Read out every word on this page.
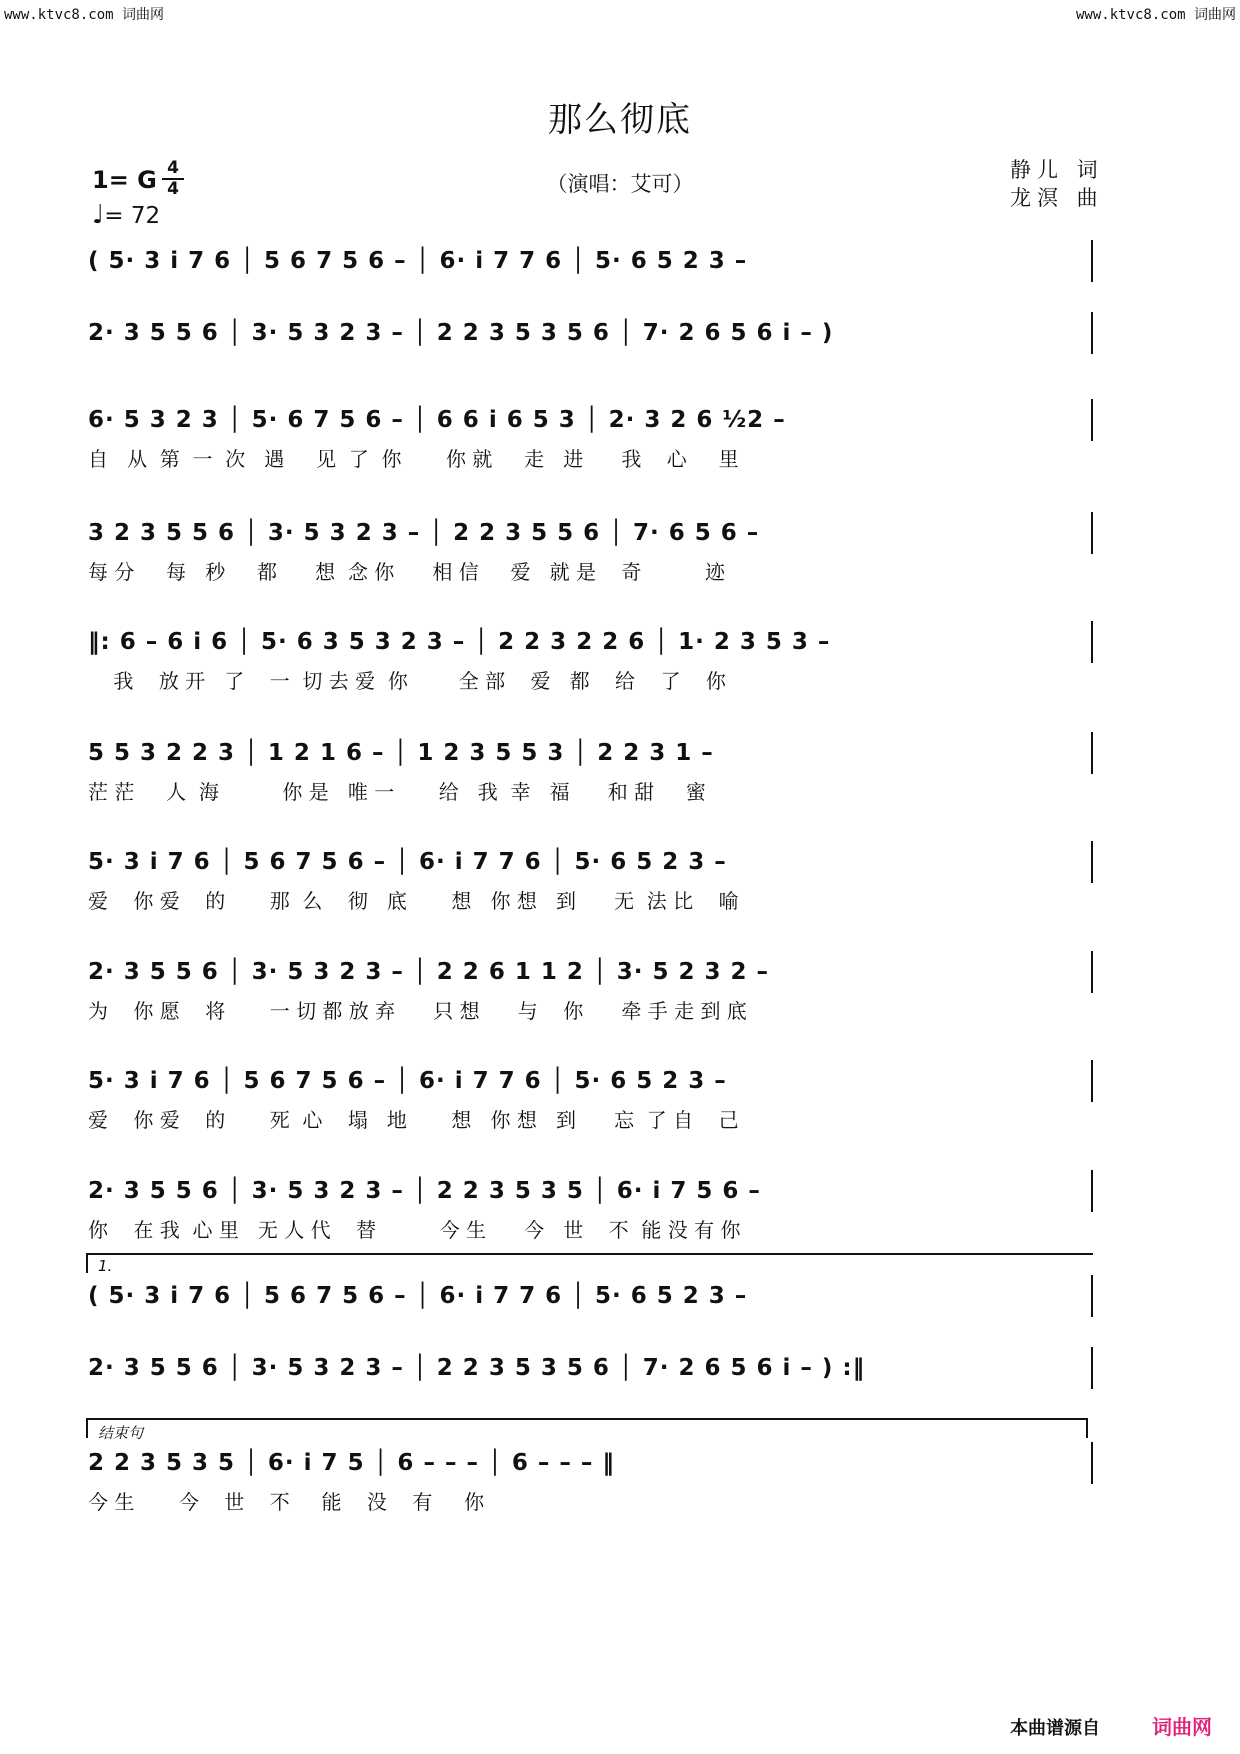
www.ktvc8.com 词曲网	www.ktvc8.com 词曲网
那么彻底
1= G 4
4
♩= 72
（演唱：艾可）
静儿 词
龙溟 曲
( 5· 3 i 7 6 │ 5 6 7 5 6 – │ 6· i 7 7 6 │ 5· 6 5 2 3 –
2· 3 5 5 6 │ 3· 5 3 2 3 – │ 2 2 3 5 3 5 6 │ 7· 2 6 5 6 i – )
6· 5 3 2 3 │ 5· 6 7 5 6 – │ 6 6 i 6 5 3 │ 2· 3 2 6 ½2 –
自   从  第  一  次   遇     见  了  你       你 就     走   进      我    心     里
3 2 3 5 5 6 │ 3· 5 3 2 3 – │ 2 2 3 5 5 6 │ 7· 6 5 6 –
每 分     每   秒     都      想  念 你      相 信     爱   就 是    奇          迹
‖: 6 – 6 i 6 │ 5· 6 3 5 3 2 3 – │ 2 2 3 2 2 6 │ 1· 2 3 5 3 –
我    放 开   了    一  切 去 爱  你        全 部    爱   都    给    了    你
5 5 3 2 2 3 │ 1 2 1 6 – │ 1 2 3 5 5 3 │ 2 2 3 1 –
茫 茫     人  海          你 是   唯 一       给   我  幸   福      和 甜     蜜
5· 3 i 7 6 │ 5 6 7 5 6 – │ 6· i 7 7 6 │ 5· 6 5 2 3 –
爱    你 爱    的       那  么    彻   底       想   你 想   到      无  法 比    喻
2· 3 5 5 6 │ 3· 5 3 2 3 – │ 2 2 6 1 1 2 │ 3· 5 2 3 2 –
为    你 愿    将       一 切 都 放 弃      只 想      与    你      牵 手 走 到 底
5· 3 i 7 6 │ 5 6 7 5 6 – │ 6· i 7 7 6 │ 5· 6 5 2 3 –
爱    你 爱    的       死  心    塌   地       想   你 想   到      忘  了 自    己
2· 3 5 5 6 │ 3· 5 3 2 3 – │ 2 2 3 5 3 5 │ 6· i 7 5 6 –
你    在 我  心 里   无 人 代    替          今 生      今   世    不  能 没 有 你
1.
( 5· 3 i 7 6 │ 5 6 7 5 6 – │ 6· i 7 7 6 │ 5· 6 5 2 3 –
2· 3 5 5 6 │ 3· 5 3 2 3 – │ 2 2 3 5 3 5 6 │ 7· 2 6 5 6 i – ) :‖
结束句
2 2 3 5 3 5 │ 6· i 7 5 │ 6 – – – │ 6 – – – ‖
今 生       今    世    不     能    没    有     你
本曲谱源自	词曲网
